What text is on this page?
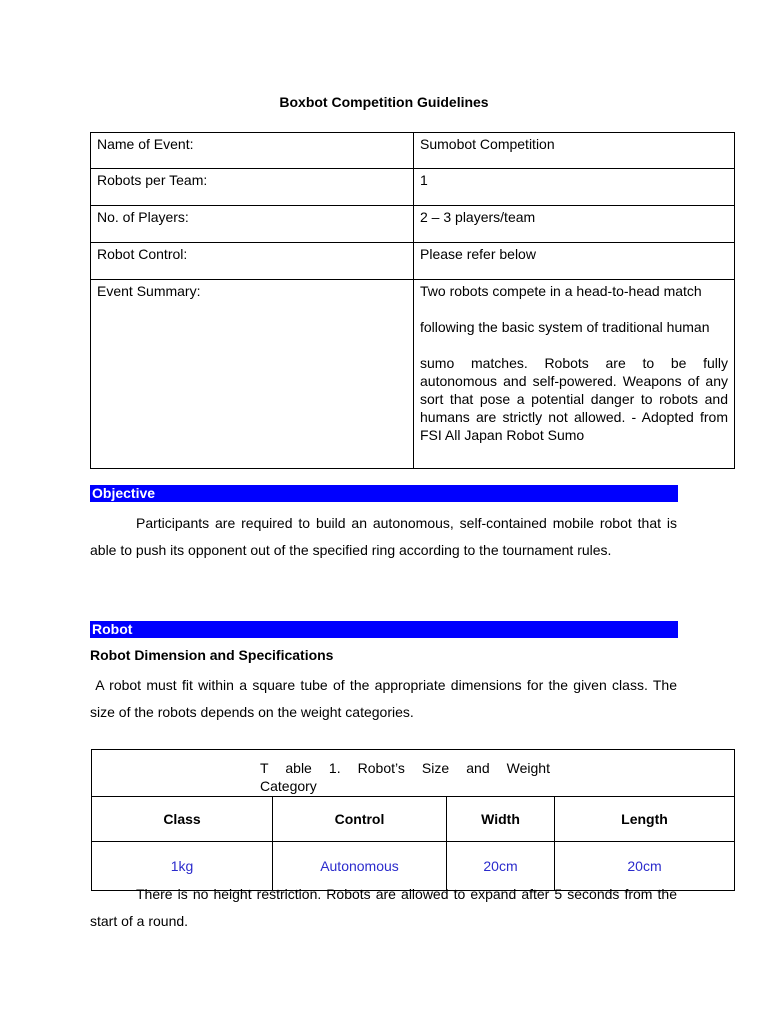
Boxbot Competition Guidelines
Name of Event:	Sumobot Competition
Robots per Team:	1
No. of Players:	2 – 3 players/team
Robot Control:	Please refer below
Event Summary:	Two robots compete in a head-to-head match

following the basic system of traditional human

sumo matches. Robots are to be fully autonomous and self-powered. Weapons of any sort that pose a potential danger to robots and humans are strictly not allowed. - Adopted from FSI All Japan Robot Sumo

Objective
Participants are required to build an autonomous, self-contained mobile robot that is able to push its opponent out of the specified ring according to the tournament rules.
Robot
Robot Dimension and Specifications
A robot must fit within a square tube of the appropriate dimensions for the given class. The size of the robots depends on the weight categories.
T able 1. Robot’s Size and Weight
Category			

Class	Control	Width	Length
1kg	Autonomous	20cm	20cm
There is no height restriction. Robots are allowed to expand after 5 seconds from the start of a round.
